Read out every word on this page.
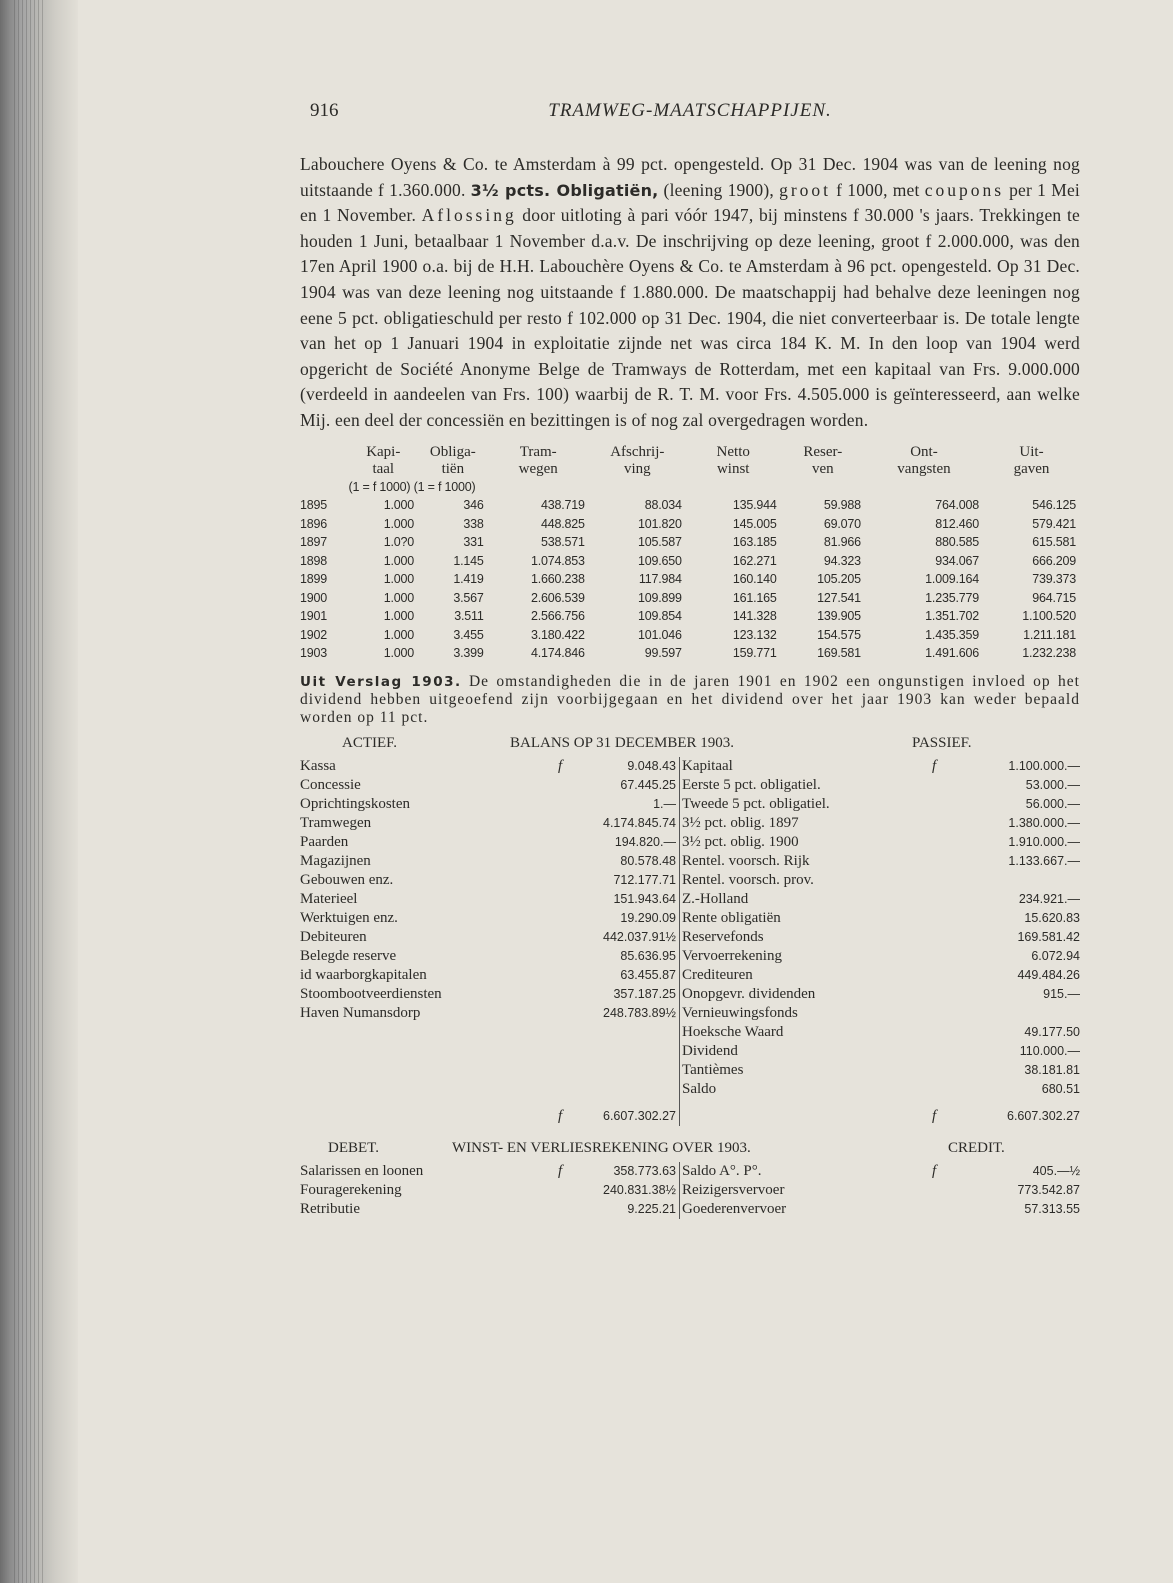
916	TRAMWEG-MAATSCHAPPIJEN.
Labouchere Oyens & Co. te Amsterdam à 99 pct. opengesteld. Op 31 Dec. 1904 was van de leening nog uitstaande f 1.360.000. 3½ pcts. Obligatiën, (leening 1900), groot f 1000, met coupons per 1 Mei en 1 November. Aflossing door uitloting à pari vóór 1947, bij minstens f 30.000 's jaars. Trekkingen te houden 1 Juni, betaalbaar 1 November d.a.v. De inschrijving op deze leening, groot f 2.000.000, was den 17en April 1900 o.a. bij de H.H. Labouchère Oyens & Co. te Amsterdam à 96 pct. opengesteld. Op 31 Dec. 1904 was van deze leening nog uitstaande f 1.880.000. De maatschappij had behalve deze leeningen nog eene 5 pct. obligatieschuld per resto f 102.000 op 31 Dec. 1904, die niet converteerbaar is. De totale lengte van het op 1 Januari 1904 in exploitatie zijnde net was circa 184 K. M. In den loop van 1904 werd opgericht de Société Anonyme Belge de Tramways de Rotterdam, met een kapitaal van Frs. 9.000.000 (verdeeld in aandeelen van Frs. 100) waarbij de R. T. M. voor Frs. 4.505.000 is geïnteresseerd, aan welke Mij. een deel der concessiën en bezittingen is of nog zal overgedragen worden.
	Kapi-	Obliga-	Tram-	Afschrij-	Netto	Reser-	Ont-	Uit-
	taal	tiën	wegen	ving	winst	ven	vangsten	gaven
	(1 = f 1000) (1 = f 1000)							
1895	1.000	346	438.719	88.034	135.944	59.988	764.008	546.125
1896	1.000	338	448.825	101.820	145.005	69.070	812.460	579.421
1897	1.0?0	331	538.571	105.587	163.185	81.966	880.585	615.581
1898	1.000	1.145	1.074.853	109.650	162.271	94.323	934.067	666.209
1899	1.000	1.419	1.660.238	117.984	160.140	105.205	1.009.164	739.373
1900	1.000	3.567	2.606.539	109.899	161.165	127.541	1.235.779	964.715
1901	1.000	3.511	2.566.756	109.854	141.328	139.905	1.351.702	1.100.520
1902	1.000	3.455	3.180.422	101.046	123.132	154.575	1.435.359	1.211.181
1903	1.000	3.399	4.174.846	99.597	159.771	169.581	1.491.606	1.232.238
Uit Verslag 1903. De omstandigheden die in de jaren 1901 en 1902 een ongunstigen invloed op het dividend hebben uitgeoefend zijn voorbijgegaan en het dividend over het jaar 1903 kan weder bepaald worden op 11 pct.
ACTIEF.	BALANS OP 31 DECEMBER 1903.	PASSIEF.
Kassa	f	9.048.43	Kapitaal	f	1.100.000.—
Concessie		67.445.25	Eerste 5 pct. obligatiel.		53.000.—
Oprichtingskosten		1.—	Tweede 5 pct. obligatiel.		56.000.—
Tramwegen		4.174.845.74	3½ pct. oblig. 1897		1.380.000.—
Paarden		194.820.—	3½ pct. oblig. 1900		1.910.000.—
Magazijnen		80.578.48	Rentel. voorsch. Rijk		1.133.667.—
Gebouwen enz.		712.177.71	Rentel. voorsch. prov.		
Materieel		151.943.64	Z.-Holland		234.921.—
Werktuigen enz.		19.290.09	Rente obligatiën		15.620.83
Debiteuren		442.037.91½	Reservefonds		169.581.42
Belegde reserve		85.636.95	Vervoerrekening		6.072.94
id waarborgkapitalen		63.455.87	Crediteuren		449.484.26
Stoombootveerdiensten		357.187.25	Onopgevr. dividenden		915.—
Haven Numansdorp		248.783.89½	Vernieuwingsfonds		
			Hoeksche Waard		49.177.50
			Dividend		110.000.—
			Tantièmes		38.181.81
			Saldo		680.51
	f	6.607.302.27		f	6.607.302.27
DEBET.	WINST- EN VERLIESREKENING OVER 1903.	CREDIT.
Salarissen en loonen	f	358.773.63	Saldo A°. P°.	f	405.—½
Fouragerekening		240.831.38½	Reizigersvervoer		773.542.87
Retributie		9.225.21	Goederenvervoer		57.313.55
